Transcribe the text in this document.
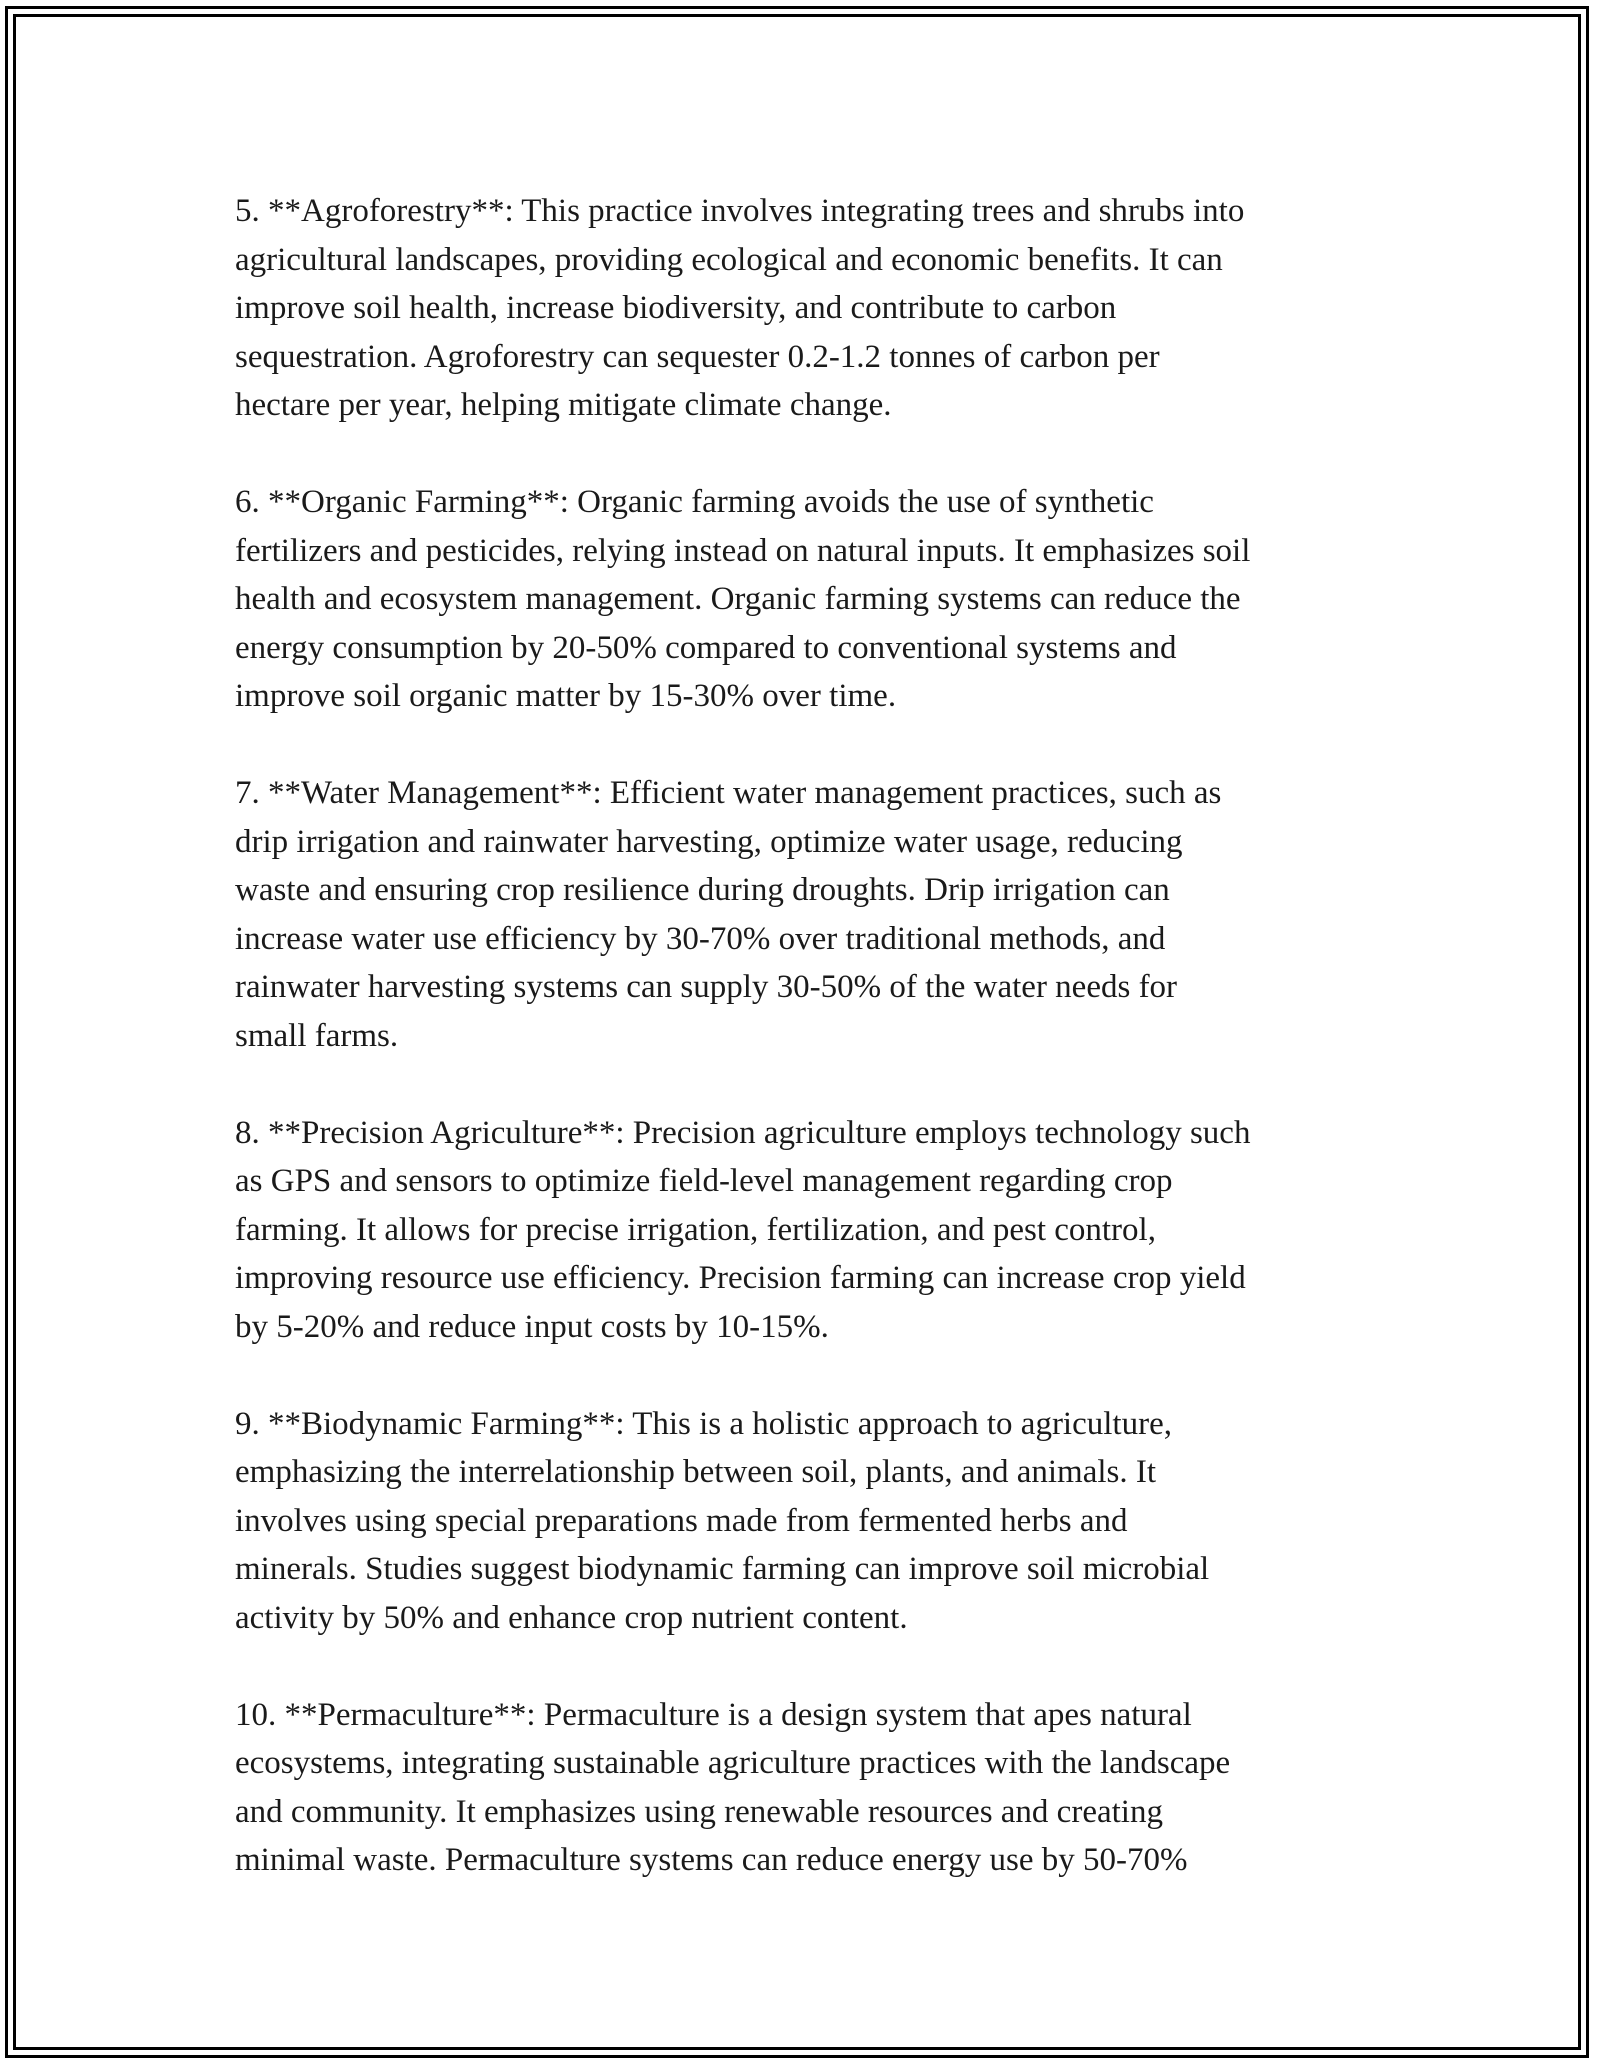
5. **Agroforestry**: This practice involves integrating trees and shrubs into
agricultural landscapes, providing ecological and economic benefits. It can
improve soil health, increase biodiversity, and contribute to carbon
sequestration. Agroforestry can sequester 0.2-1.2 tonnes of carbon per
hectare per year, helping mitigate climate change.

6. **Organic Farming**: Organic farming avoids the use of synthetic
fertilizers and pesticides, relying instead on natural inputs. It emphasizes soil
health and ecosystem management. Organic farming systems can reduce the
energy consumption by 20-50% compared to conventional systems and
improve soil organic matter by 15-30% over time.

7. **Water Management**: Efficient water management practices, such as
drip irrigation and rainwater harvesting, optimize water usage, reducing
waste and ensuring crop resilience during droughts. Drip irrigation can
increase water use efficiency by 30-70% over traditional methods, and
rainwater harvesting systems can supply 30-50% of the water needs for
small farms.

8. **Precision Agriculture**: Precision agriculture employs technology such
as GPS and sensors to optimize field-level management regarding crop
farming. It allows for precise irrigation, fertilization, and pest control,
improving resource use efficiency. Precision farming can increase crop yield
by 5-20% and reduce input costs by 10-15%.

9. **Biodynamic Farming**: This is a holistic approach to agriculture,
emphasizing the interrelationship between soil, plants, and animals. It
involves using special preparations made from fermented herbs and
minerals. Studies suggest biodynamic farming can improve soil microbial
activity by 50% and enhance crop nutrient content.

10. **Permaculture**: Permaculture is a design system that apes natural
ecosystems, integrating sustainable agriculture practices with the landscape
and community. It emphasizes using renewable resources and creating
minimal waste. Permaculture systems can reduce energy use by 50-70%
